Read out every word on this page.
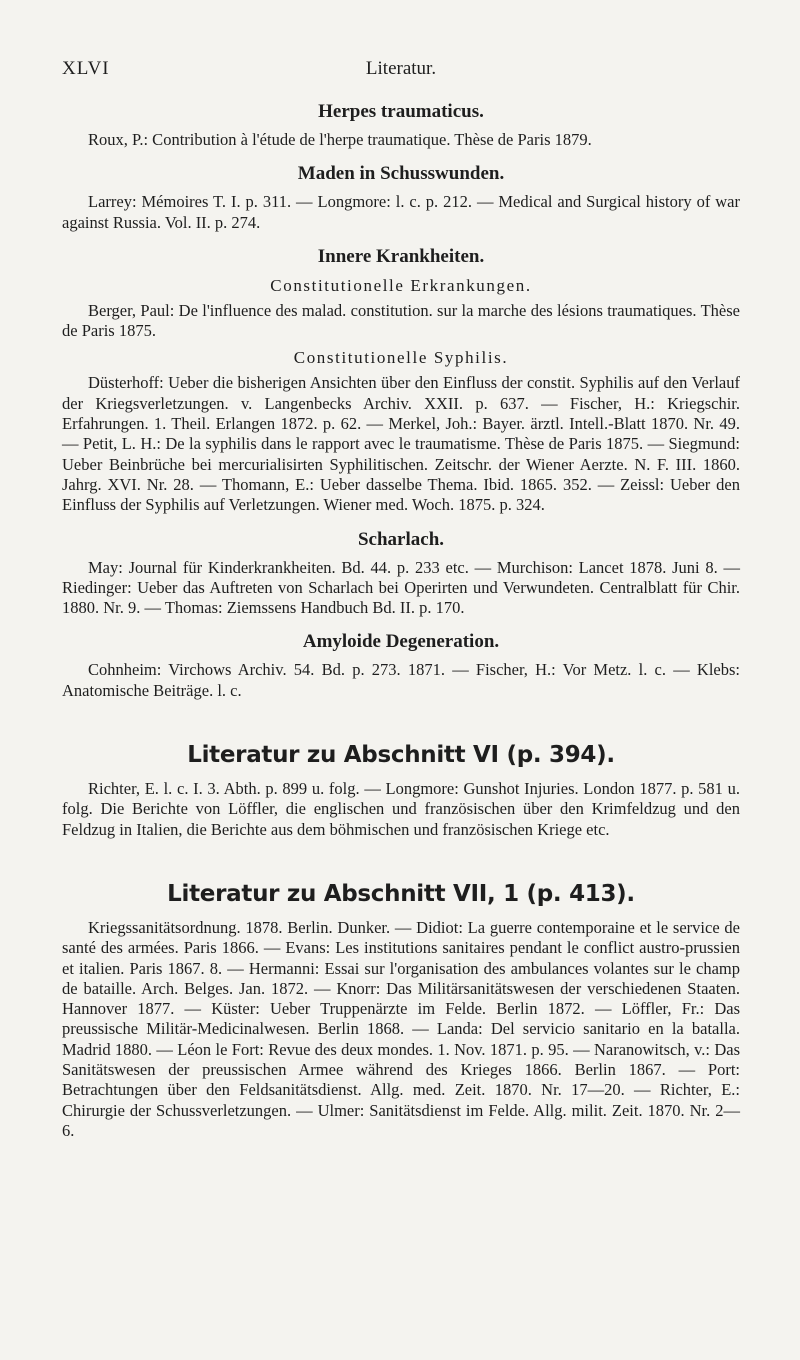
XLVI	Literatur.
Herpes traumaticus.

Roux, P.: Contribution à l'étude de l'herpe traumatique. Thèse de Paris 1879.

Maden in Schusswunden.

Larrey: Mémoires T. I. p. 311. — Longmore: l. c. p. 212. — Medical and Surgical history of war against Russia. Vol. II. p. 274.

Innere Krankheiten.
Constitutionelle Erkrankungen.

Berger, Paul: De l'influence des malad. constitution. sur la marche des lésions traumatiques. Thèse de Paris 1875.

Constitutionelle Syphilis.

Düsterhoff: Ueber die bisherigen Ansichten über den Einfluss der constit. Syphilis auf den Verlauf der Kriegsverletzungen. v. Langenbecks Archiv. XXII. p. 637. — Fischer, H.: Kriegschir. Erfahrungen. 1. Theil. Erlangen 1872. p. 62. — Merkel, Joh.: Bayer. ärztl. Intell.-Blatt 1870. Nr. 49. — Petit, L. H.: De la syphilis dans le rapport avec le traumatisme. Thèse de Paris 1875. — Siegmund: Ueber Beinbrüche bei mercurialisirten Syphilitischen. Zeitschr. der Wiener Aerzte. N. F. III. 1860. Jahrg. XVI. Nr. 28. — Thomann, E.: Ueber dasselbe Thema. Ibid. 1865. 352. — Zeissl: Ueber den Einfluss der Syphilis auf Verletzungen. Wiener med. Woch. 1875. p. 324.

Scharlach.

May: Journal für Kinderkrankheiten. Bd. 44. p. 233 etc. — Murchison: Lancet 1878. Juni 8. — Riedinger: Ueber das Auftreten von Scharlach bei Operirten und Verwundeten. Centralblatt für Chir. 1880. Nr. 9. — Thomas: Ziemssens Handbuch Bd. II. p. 170.

Amyloide Degeneration.

Cohnheim: Virchows Archiv. 54. Bd. p. 273. 1871. — Fischer, H.: Vor Metz. l. c. — Klebs: Anatomische Beiträge. l. c.

Literatur zu Abschnitt VI (p. 394).

Richter, E. l. c. I. 3. Abth. p. 899 u. folg. — Longmore: Gunshot Injuries. London 1877. p. 581 u. folg. Die Berichte von Löffler, die englischen und französischen über den Krimfeldzug und den Feldzug in Italien, die Berichte aus dem böhmischen und französischen Kriege etc.

Literatur zu Abschnitt VII, 1 (p. 413).

Kriegssanitätsordnung. 1878. Berlin. Dunker. — Didiot: La guerre contemporaine et le service de santé des armées. Paris 1866. — Evans: Les institutions sanitaires pendant le conflict austro-prussien et italien. Paris 1867. 8. — Hermanni: Essai sur l'organisation des ambulances volantes sur le champ de bataille. Arch. Belges. Jan. 1872. — Knorr: Das Militärsanitätswesen der verschiedenen Staaten. Hannover 1877. — Küster: Ueber Truppenärzte im Felde. Berlin 1872. — Löffler, Fr.: Das preussische Militär-Medicinalwesen. Berlin 1868. — Landa: Del servicio sanitario en la batalla. Madrid 1880. — Léon le Fort: Revue des deux mondes. 1. Nov. 1871. p. 95. — Naranowitsch, v.: Das Sanitätswesen der preussischen Armee während des Krieges 1866. Berlin 1867. — Port: Betrachtungen über den Feldsanitätsdienst. Allg. med. Zeit. 1870. Nr. 17—20. — Richter, E.: Chirurgie der Schussverletzungen. — Ulmer: Sanitätsdienst im Felde. Allg. milit. Zeit. 1870. Nr. 2—6.
